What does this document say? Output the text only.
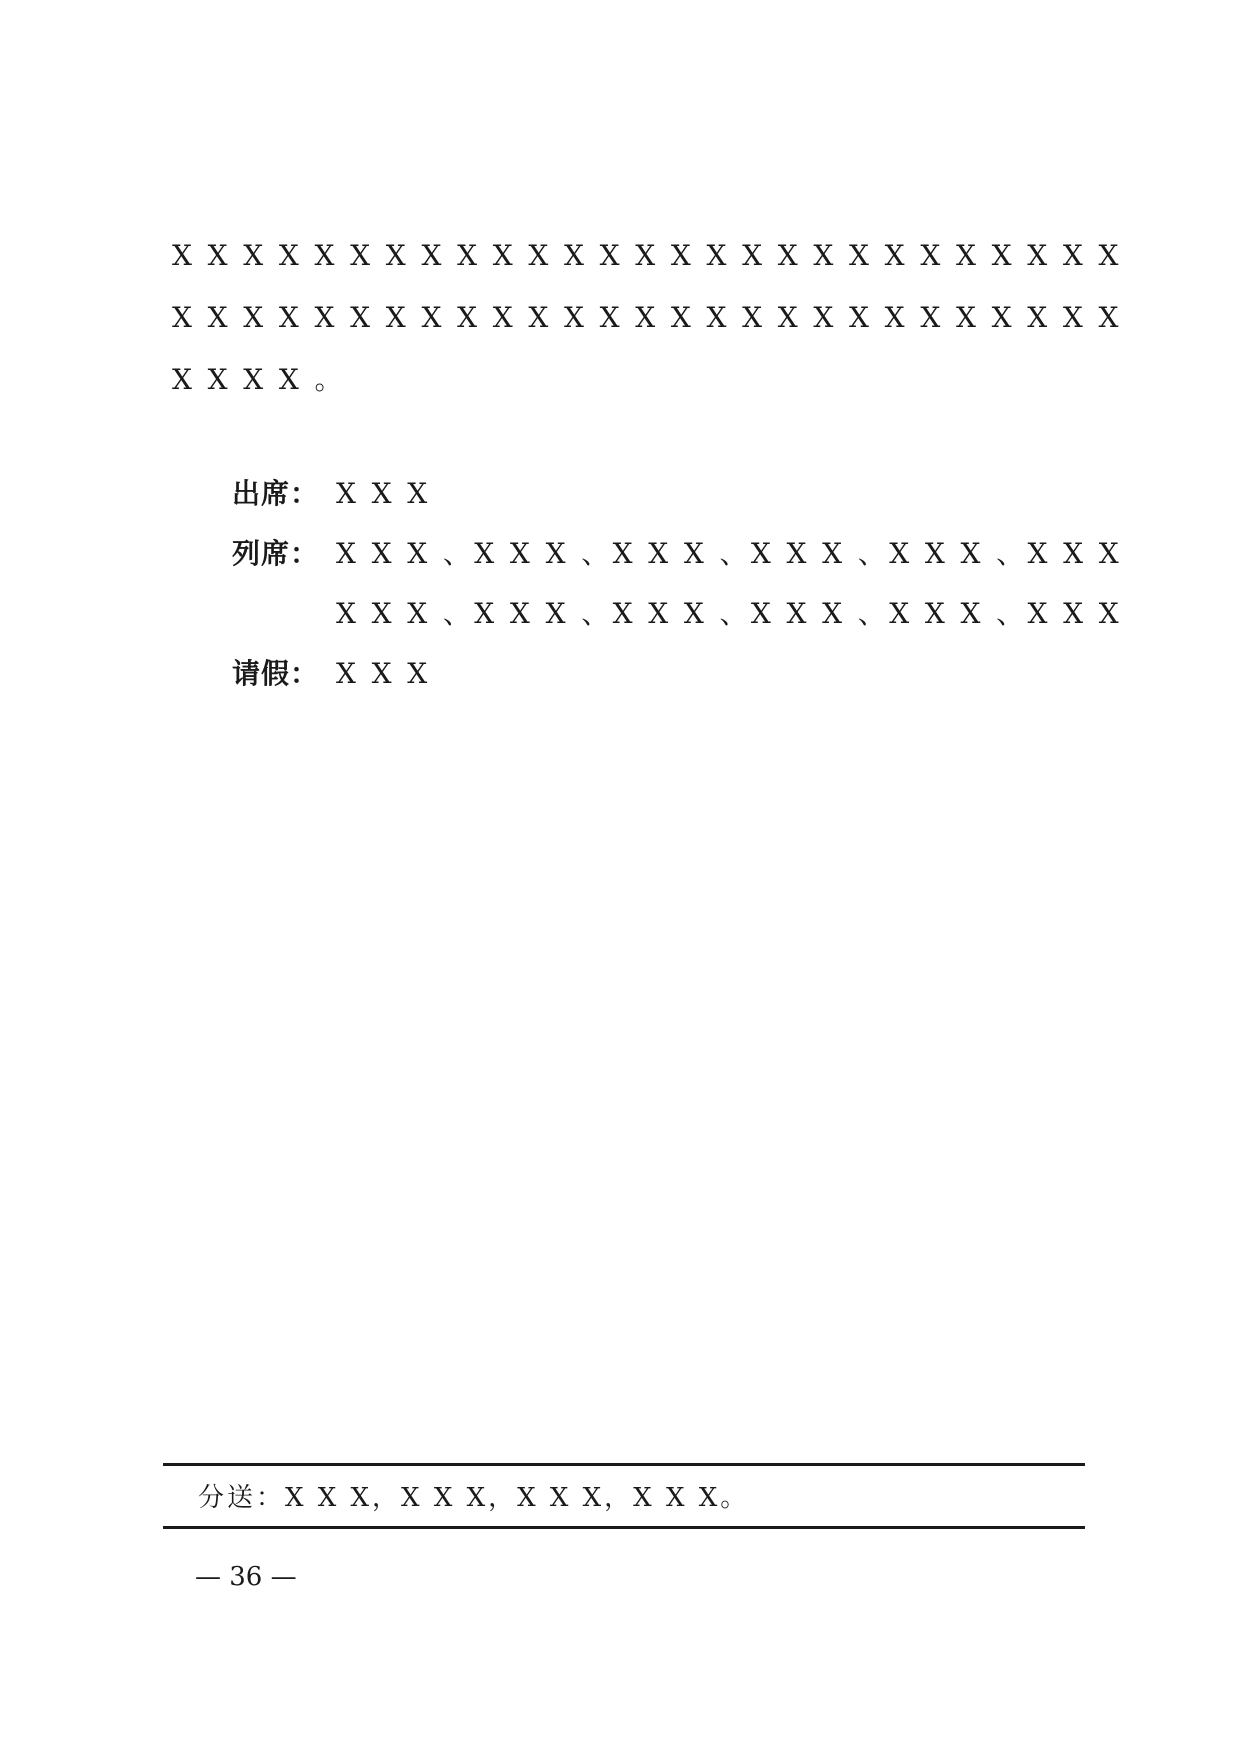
X X X X X X X X X X X X X X X X X X X X X X X X X X X
X X X X X X X X X X X X X X X X X X X X X X X X X X X
X X X X 。
出席： X X X
列席： X X X 、X X X 、X X X 、X X X 、X X X 、X X X
X X X 、X X X 、X X X 、X X X 、X X X 、X X X
请假： X X X
分送：X X X，X X X，X X X，X X X。
— 36 —
